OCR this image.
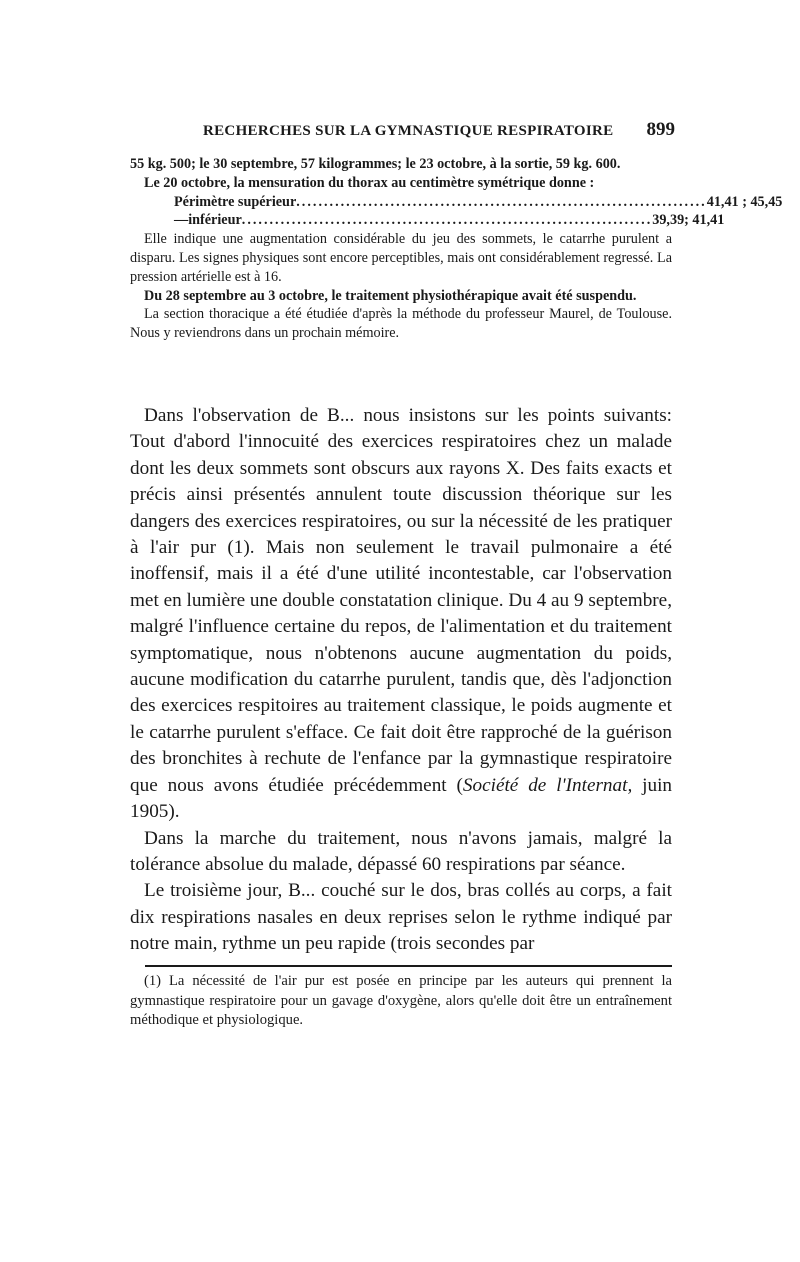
RECHERCHES SUR LA GYMNASTIQUE RESPIRATOIRE 899

55 kg. 500; le 30 septembre, 57 kilogrammes; le 23 octobre, à la sortie, 59 kg. 600.

Le 20 octobre, la mensuration du thorax au centimètre symétrique donne :

Périmètre supérieur .......................................................................... 41,41 ; 45,45
— inférieur .......................................................................... 39,39; 41,41

Elle indique une augmentation considérable du jeu des sommets, le catarrhe purulent a disparu. Les signes physiques sont encore perceptibles, mais ont considérablement regressé. La pression artérielle est à 16.

Du 28 septembre au 3 octobre, le traitement physiothérapique avait été suspendu.

La section thoracique a été étudiée d'après la méthode du professeur Maurel, de Toulouse. Nous y reviendrons dans un prochain mémoire.

Dans l'observation de B... nous insistons sur les points suivants: Tout d'abord l'innocuité des exercices respiratoires chez un malade dont les deux sommets sont obscurs aux rayons X. Des faits exacts et précis ainsi présentés annulent toute discussion théorique sur les dangers des exercices respiratoires, ou sur la nécessité de les pratiquer à l'air pur (1). Mais non seulement le travail pulmonaire a été inoffensif, mais il a été d'une utilité incontestable, car l'observation met en lumière une double constatation clinique. Du 4 au 9 septembre, malgré l'influence certaine du repos, de l'alimentation et du traitement symptomatique, nous n'obtenons aucune augmentation du poids, aucune modification du catarrhe purulent, tandis que, dès l'adjonction des exercices respitoires au traitement classique, le poids augmente et le catarrhe purulent s'efface. Ce fait doit être rapproché de la guérison des bronchites à rechute de l'enfance par la gymnastique respiratoire que nous avons étudiée précédemment (Société de l'Internat, juin 1905).

Dans la marche du traitement, nous n'avons jamais, malgré la tolérance absolue du malade, dépassé 60 respirations par séance.

Le troisième jour, B... couché sur le dos, bras collés au corps, a fait dix respirations nasales en deux reprises selon le rythme indiqué par notre main, rythme un peu rapide (trois secondes par

(1) La nécessité de l'air pur est posée en principe par les auteurs qui prennent la gymnastique respiratoire pour un gavage d'oxygène, alors qu'elle doit être un entraînement méthodique et physiologique.
